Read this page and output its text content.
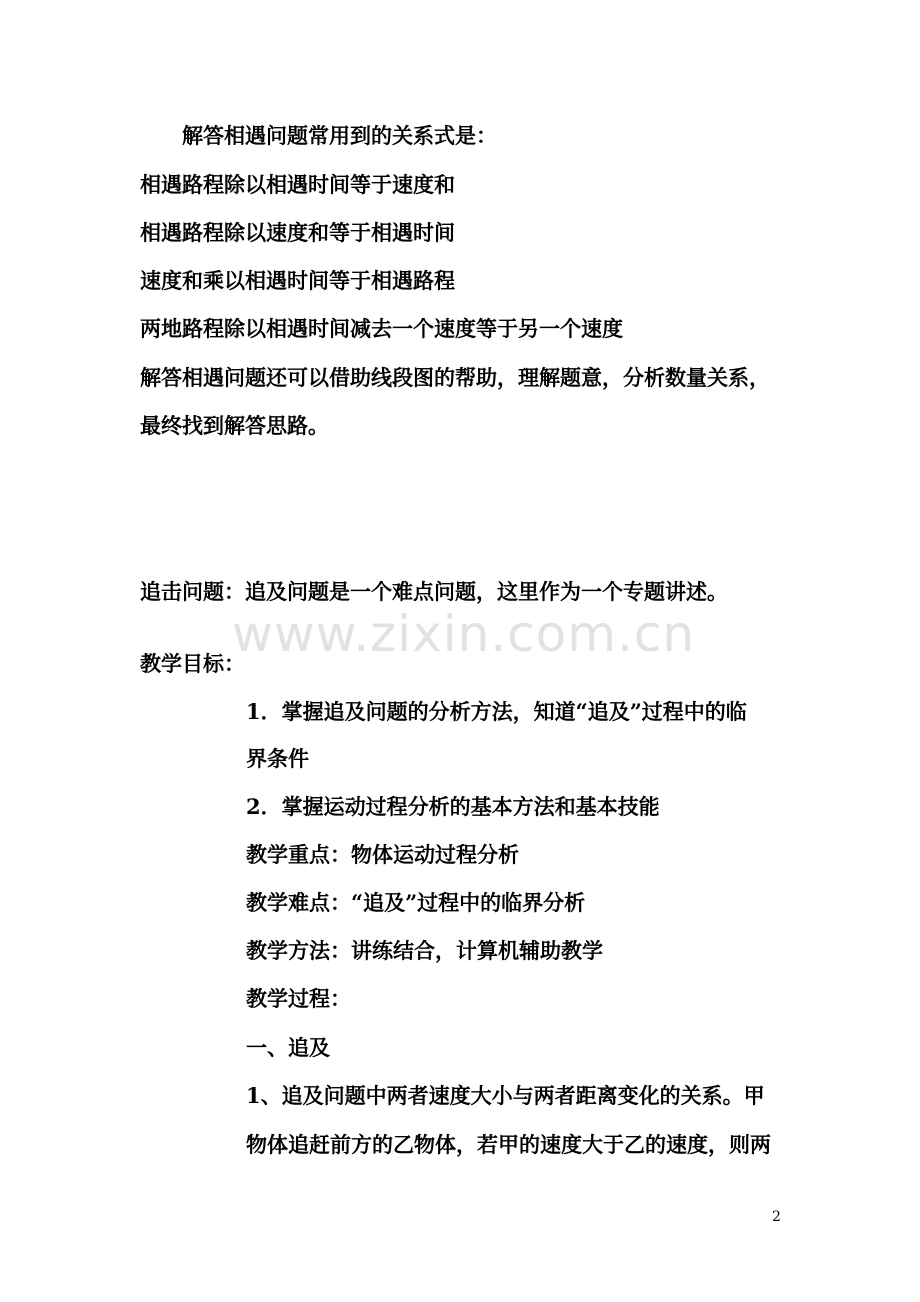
解答相遇问题常用到的关系式是：
相遇路程除以相遇时间等于速度和
相遇路程除以速度和等于相遇时间
速度和乘以相遇时间等于相遇路程
两地路程除以相遇时间减去一个速度等于另一个速度
解答相遇问题还可以借助线段图的帮助，理解题意，分析数量关系，
最终找到解答思路。
追击问题：追及问题是一个难点问题，这里作为一个专题讲述。
www.zixin.com.cn
教学目标：
1．掌握追及问题的分析方法，知道“追及”过程中的临
界条件
2．掌握运动过程分析的基本方法和基本技能
教学重点：物体运动过程分析
教学难点：“追及”过程中的临界分析
教学方法：讲练结合，计算机辅助教学
教学过程：
一、追及
1、追及问题中两者速度大小与两者距离变化的关系。甲
物体追赶前方的乙物体，若甲的速度大于乙的速度，则两
2
